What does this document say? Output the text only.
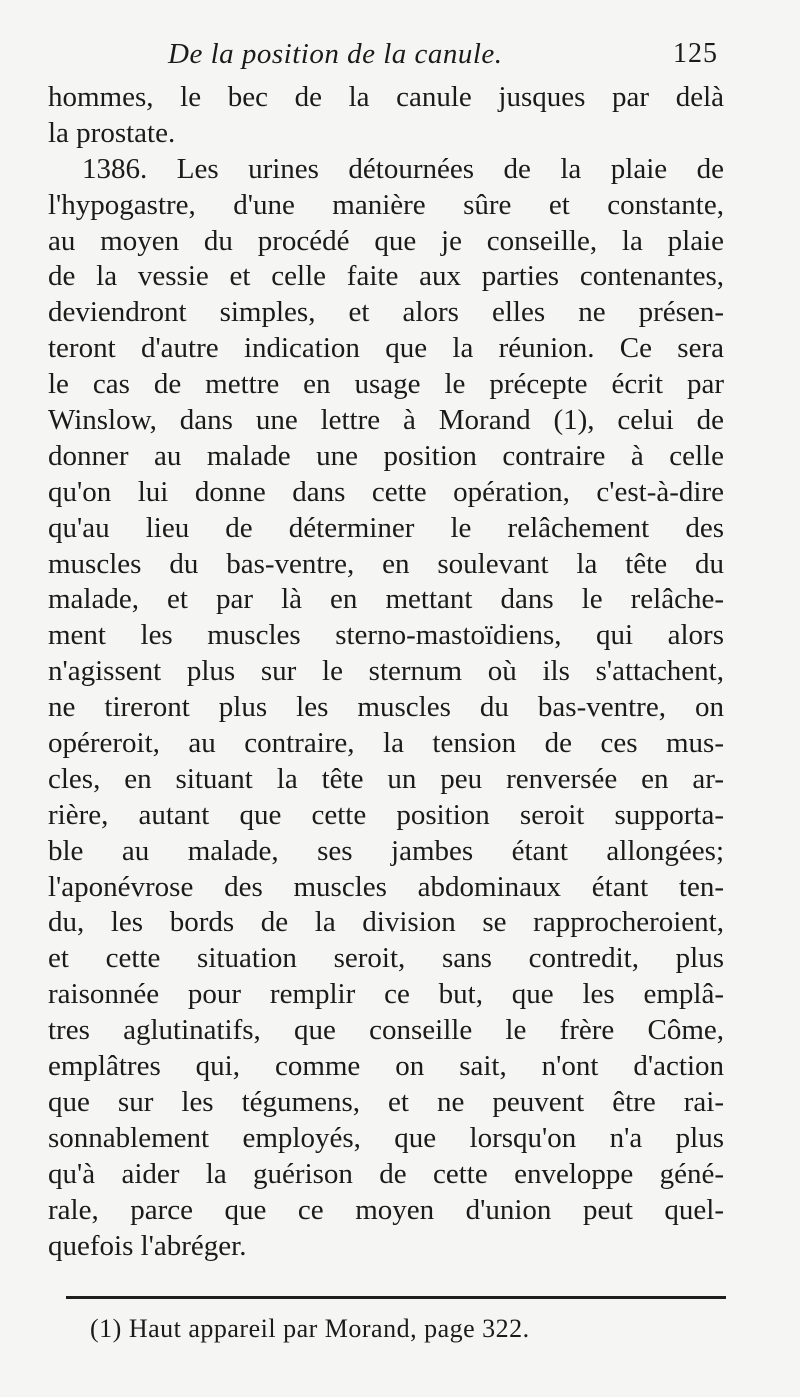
De la position de la canule.	125
hommes, le bec de la canule jusques par delà
la prostate.
1386. Les urines détournées de la plaie de
l'hypogastre, d'une manière sûre et constante,
au moyen du procédé que je conseille, la plaie
de la vessie et celle faite aux parties contenantes,
deviendront simples, et alors elles ne présen-
teront d'autre indication que la réunion. Ce sera
le cas de mettre en usage le précepte écrit par
Winslow, dans une lettre à Morand (1), celui de
donner au malade une position contraire à celle
qu'on lui donne dans cette opération, c'est-à-dire
qu'au lieu de déterminer le relâchement des
muscles du bas-ventre, en soulevant la tête du
malade, et par là en mettant dans le relâche-
ment les muscles sterno-mastoïdiens, qui alors
n'agissent plus sur le sternum où ils s'attachent,
ne tireront plus les muscles du bas-ventre, on
opéreroit, au contraire, la tension de ces mus-
cles, en situant la tête un peu renversée en ar-
rière, autant que cette position seroit supporta-
ble au malade, ses jambes étant allongées;
l'aponévrose des muscles abdominaux étant ten-
du, les bords de la division se rapprocheroient,
et cette situation seroit, sans contredit, plus
raisonnée pour remplir ce but, que les emplâ-
tres aglutinatifs, que conseille le frère Côme,
emplâtres qui, comme on sait, n'ont d'action
que sur les tégumens, et ne peuvent être rai-
sonnablement employés, que lorsqu'on n'a plus
qu'à aider la guérison de cette enveloppe géné-
rale, parce que ce moyen d'union peut quel-
quefois l'abréger.
(1) Haut appareil par Morand, page 322.
